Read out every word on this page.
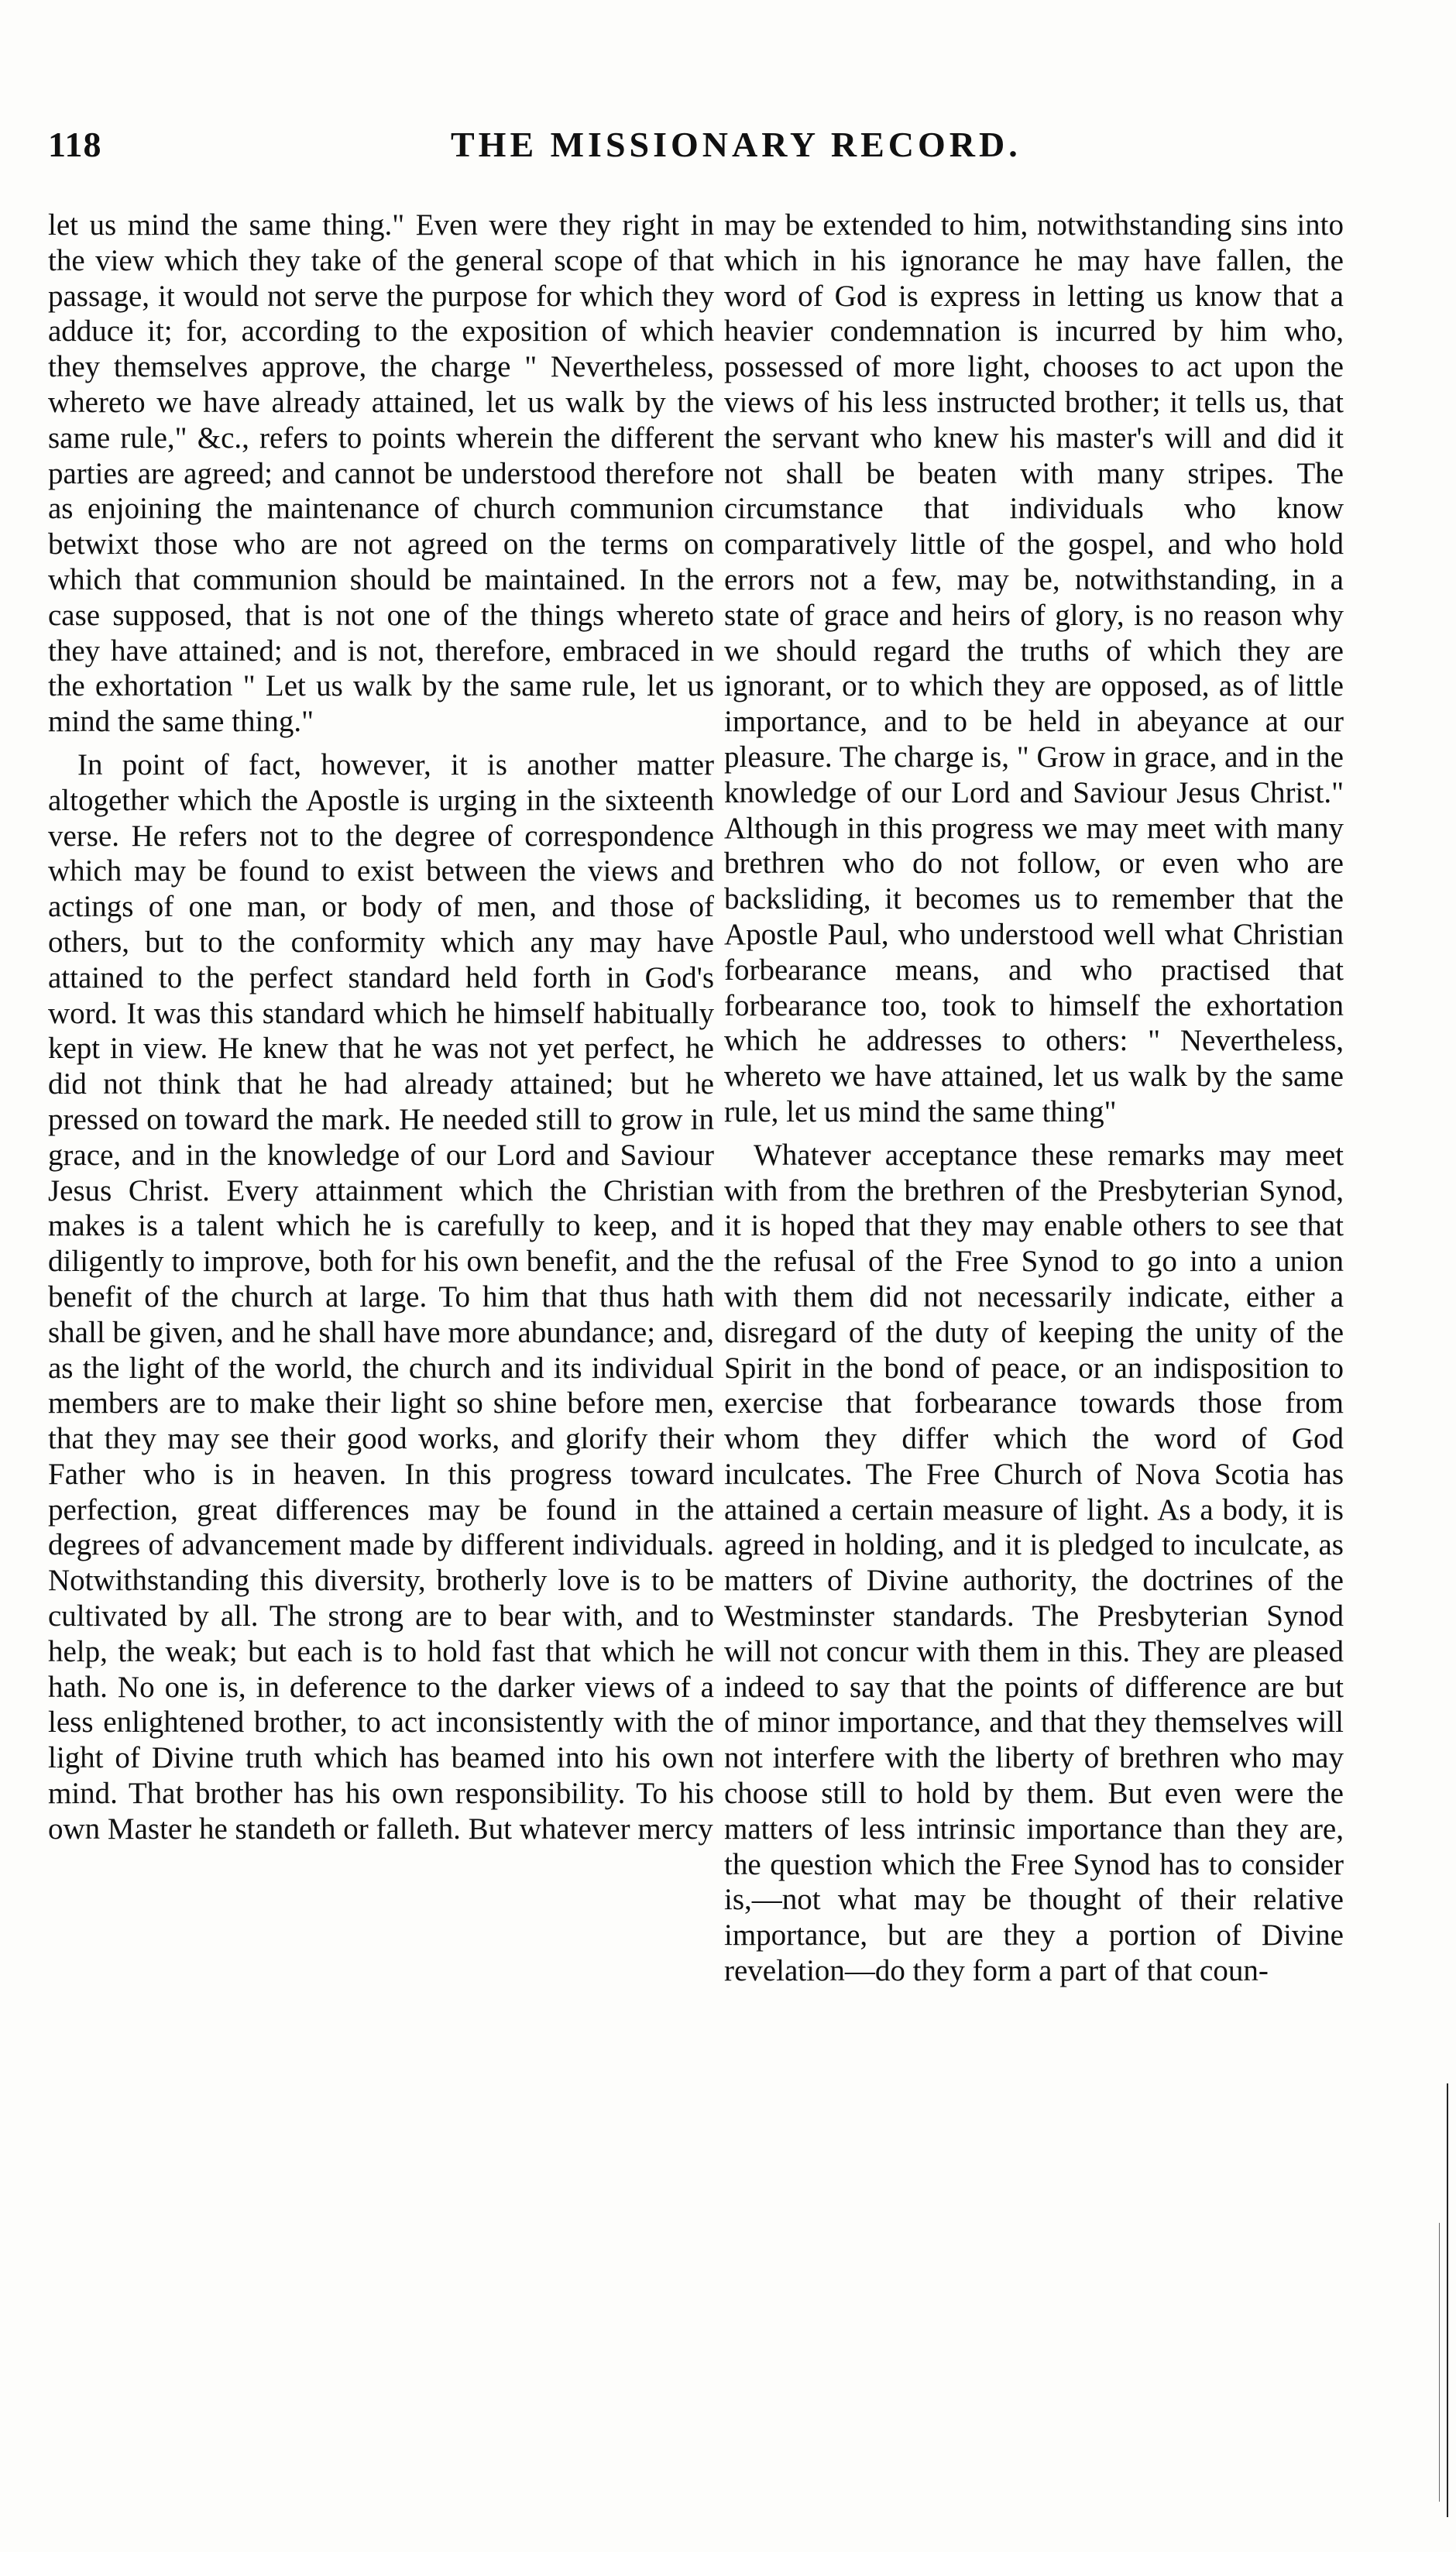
118	THE MISSIONARY RECORD.

let us mind the same thing." Even were they right in the view which they take of the general scope of that passage, it would not serve the purpose for which they adduce it; for, according to the exposition of which they themselves approve, the charge " Nevertheless, whereto we have already attained, let us walk by the same rule," &c., refers to points wherein the different parties are agreed; and cannot be understood therefore as enjoining the maintenance of church communion betwixt those who are not agreed on the terms on which that communion should be maintained. In the case supposed, that is not one of the things whereto they have attained; and is not, therefore, embraced in the exhortation " Let us walk by the same rule, let us mind the same thing."

In point of fact, however, it is another matter altogether which the Apostle is urging in the sixteenth verse. He refers not to the degree of correspondence which may be found to exist between the views and actings of one man, or body of men, and those of others, but to the conformity which any may have attained to the perfect standard held forth in God's word. It was this standard which he himself habitually kept in view. He knew that he was not yet perfect, he did not think that he had already attained; but he pressed on toward the mark. He needed still to grow in grace, and in the knowledge of our Lord and Saviour Jesus Christ. Every attainment which the Christian makes is a talent which he is carefully to keep, and diligently to improve, both for his own benefit, and the benefit of the church at large. To him that thus hath shall be given, and he shall have more abundance; and, as the light of the world, the church and its individual members are to make their light so shine before men, that they may see their good works, and glorify their Father who is in heaven. In this progress toward perfection, great differences may be found in the degrees of advancement made by different individuals. Notwithstanding this diversity, brotherly love is to be cultivated by all. The strong are to bear with, and to help, the weak; but each is to hold fast that which he hath. No one is, in deference to the darker views of a less enlightened brother, to act inconsistently with the light of Divine truth which has beamed into his own mind. That brother has his own responsibility. To his own Master he standeth or falleth. But whatever mercy

may be extended to him, notwithstanding sins into which in his ignorance he may have fallen, the word of God is express in letting us know that a heavier condemnation is incurred by him who, possessed of more light, chooses to act upon the views of his less instructed brother; it tells us, that the servant who knew his master's will and did it not shall be beaten with many stripes. The circumstance that individuals who know comparatively little of the gospel, and who hold errors not a few, may be, notwithstanding, in a state of grace and heirs of glory, is no reason why we should regard the truths of which they are ignorant, or to which they are opposed, as of little importance, and to be held in abeyance at our pleasure. The charge is, " Grow in grace, and in the knowledge of our Lord and Saviour Jesus Christ." Although in this progress we may meet with many brethren who do not follow, or even who are backsliding, it becomes us to remember that the Apostle Paul, who understood well what Christian forbearance means, and who practised that forbearance too, took to himself the exhortation which he addresses to others: " Nevertheless, whereto we have attained, let us walk by the same rule, let us mind the same thing"

Whatever acceptance these remarks may meet with from the brethren of the Presbyterian Synod, it is hoped that they may enable others to see that the refusal of the Free Synod to go into a union with them did not necessarily indicate, either a disregard of the duty of keeping the unity of the Spirit in the bond of peace, or an indisposition to exercise that forbearance towards those from whom they differ which the word of God inculcates. The Free Church of Nova Scotia has attained a certain measure of light. As a body, it is agreed in holding, and it is pledged to inculcate, as matters of Divine authority, the doctrines of the Westminster standards. The Presbyterian Synod will not concur with them in this. They are pleased indeed to say that the points of difference are but of minor importance, and that they themselves will not interfere with the liberty of brethren who may choose still to hold by them. But even were the matters of less intrinsic importance than they are, the question which the Free Synod has to consider is,—not what may be thought of their relative importance, but are they a portion of Divine revelation—do they form a part of that coun-
